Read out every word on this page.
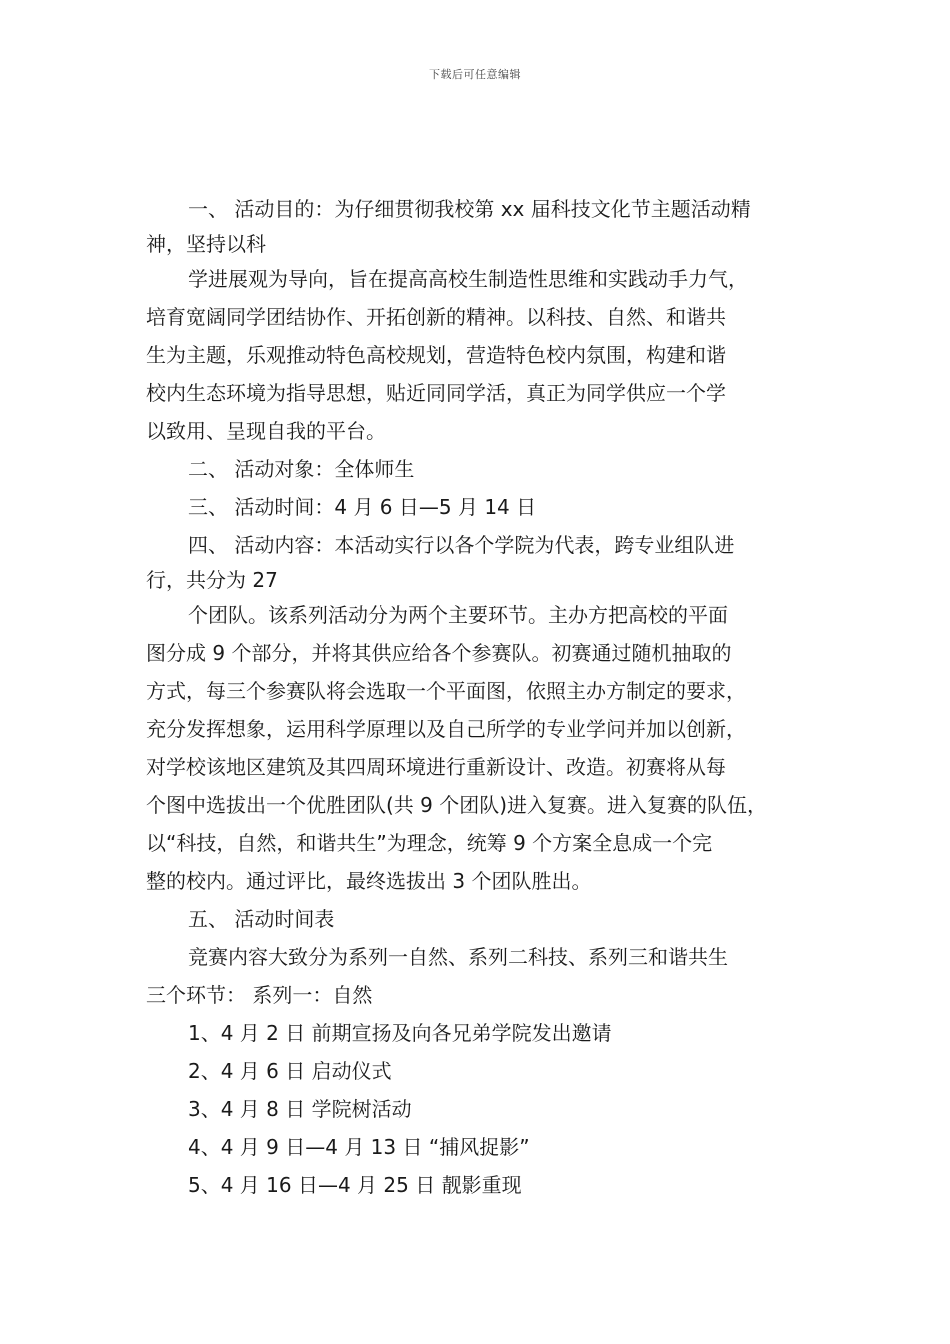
下载后可任意编辑
一、 活动目的：为仔细贯彻我校第 xx 届科技文化节主题活动精
神，坚持以科
学进展观为导向，旨在提高高校生制造性思维和实践动手力气，
培育宽阔同学团结协作、开拓创新的精神。以科技、自然、和谐共
生为主题，乐观推动特色高校规划，营造特色校内氛围，构建和谐
校内生态环境为指导思想，贴近同同学活，真正为同学供应一个学
以致用、呈现自我的平台。
二、 活动对象：全体师生
三、 活动时间：4 月 6 日—5 月 14 日
四、 活动内容：本活动实行以各个学院为代表，跨专业组队进
行，共分为 27
个团队。该系列活动分为两个主要环节。主办方把高校的平面
图分成 9 个部分，并将其供应给各个参赛队。初赛通过随机抽取的
方式，每三个参赛队将会选取一个平面图，依照主办方制定的要求，
充分发挥想象，运用科学原理以及自己所学的专业学问并加以创新，
对学校该地区建筑及其四周环境进行重新设计、改造。初赛将从每
个图中选拔出一个优胜团队(共 9 个团队)进入复赛。进入复赛的队伍，
以“科技，自然，和谐共生”为理念，统筹 9 个方案全息成一个完
整的校内。通过评比，最终选拔出 3 个团队胜出。
五、 活动时间表
竞赛内容大致分为系列一自然、系列二科技、系列三和谐共生
三个环节： 系列一：自然
1、4 月 2 日 前期宣扬及向各兄弟学院发出邀请
2、4 月 6 日 启动仪式
3、4 月 8 日 学院树活动
4、4 月 9 日—4 月 13 日 “捕风捉影”
5、4 月 16 日—4 月 25 日 靓影重现
